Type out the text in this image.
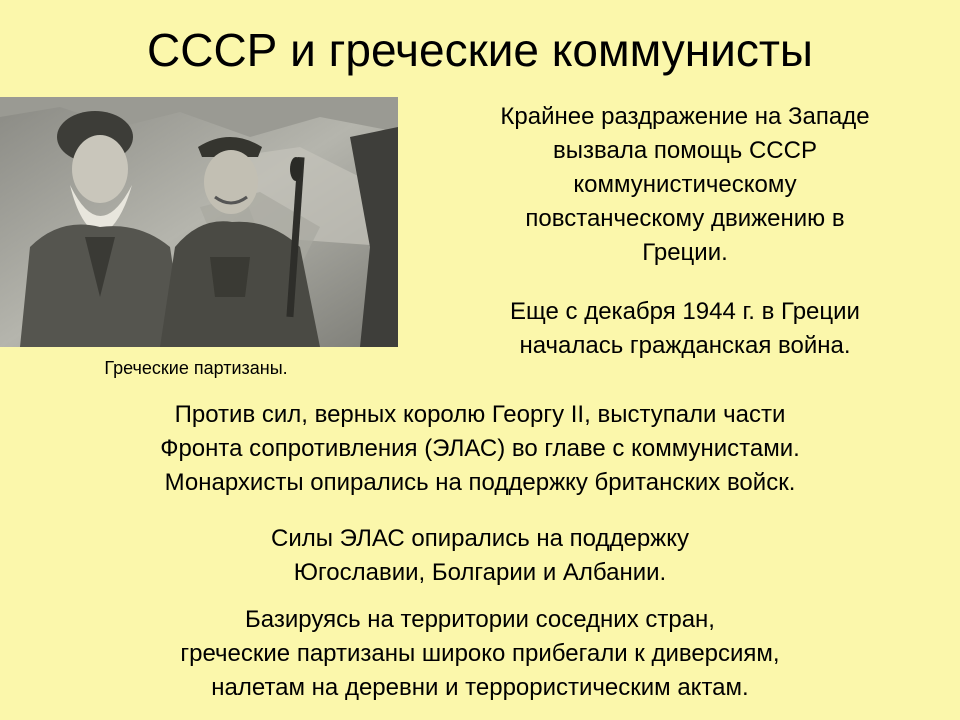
СССР и греческие коммунисты
Греческие партизаны.
Крайнее раздражение на Западе
вызвала помощь СССР
коммунистическому
повстанческому движению в
Греции.
Еще с декабря 1944 г. в Греции
началась гражданская война.
Против сил, верных королю Георгу II, выступали части
Фронта сопротивления (ЭЛАС) во главе с коммунистами.
Монархисты опирались на поддержку британских войск.
Силы ЭЛАС опирались на поддержку
Югославии, Болгарии и Албании.
Базируясь на территории соседних стран,
греческие партизаны широко прибегали к диверсиям,
налетам на деревни и террористическим актам.
